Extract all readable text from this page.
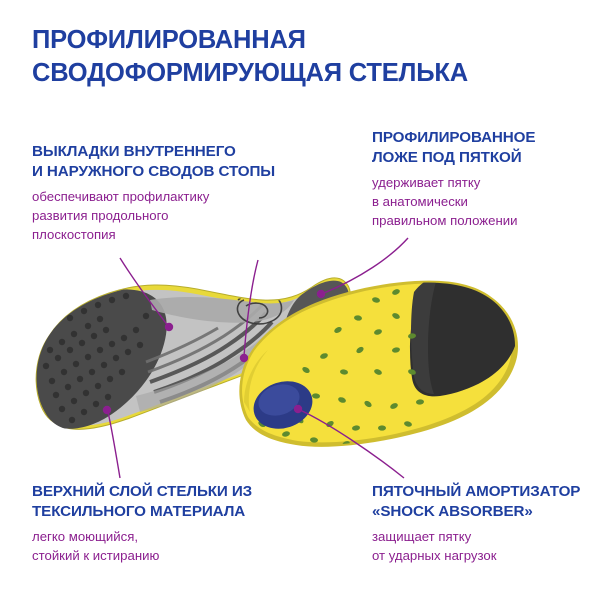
ПРОФИЛИРОВАННАЯ
СВОДОФОРМИРУЮЩАЯ СТЕЛЬКА
ВЫКЛАДКИ ВНУТРЕННЕГО
И НАРУЖНОГО СВОДОВ СТОПЫ
обеспечивают профилактику
развития продольного
плоскостопия
ПРОФИЛИРОВАННОЕ
ЛОЖЕ ПОД ПЯТКОЙ
удерживает пятку
в анатомически
правильном положении
ВЕРХНИЙ СЛОЙ СТЕЛЬКИ ИЗ
ТЕКСИЛЬНОГО МАТЕРИАЛА
легко моющийся,
стойкий к истиранию
ПЯТОЧНЫЙ АМОРТИЗАТОР
«SHOCK ABSORBER»
защищает пятку
от ударных нагрузок
